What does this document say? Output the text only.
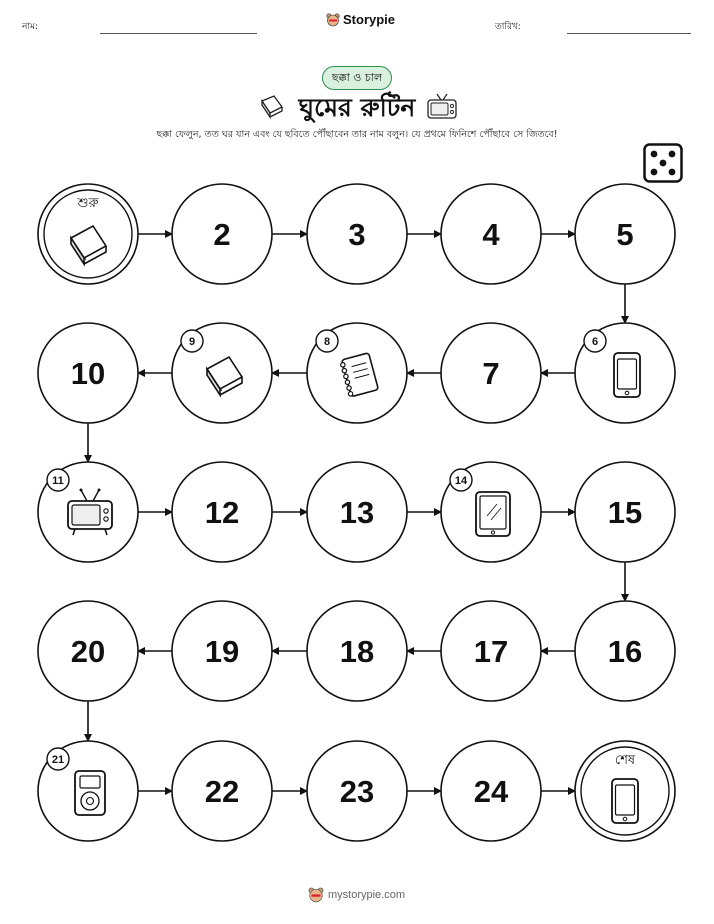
নাম:	Storypie	তারিখ:
ছক্কা ও চাল
ঘুমের রুটিন
ছক্কা ফেলুন, তত ঘর যান এবং যে ছবিতে পৌঁছাবেন তার নাম বলুন। যে প্রথমে ফিনিশে পৌঁছাবে সে জিতবে!
শুরু
2	3	4	5
6
7
8
9
10
11
12	13
14
15
16
17
18
19
20
21
22	23	24
শেষ
mystorypie.com
